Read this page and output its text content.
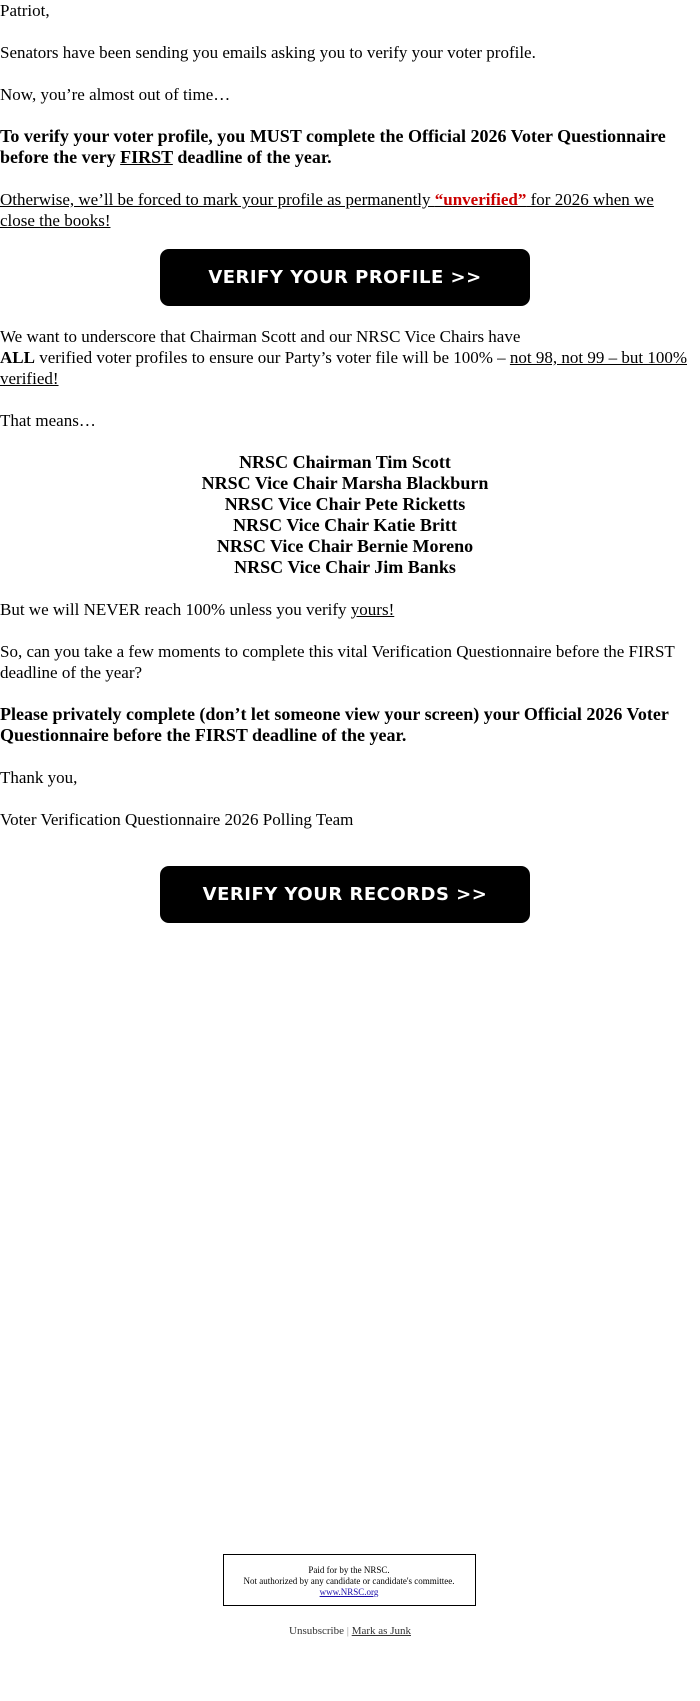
Patriot,

Senators have been sending you emails asking you to verify your voter profile.

Now, you’re almost out of time…

To verify your voter profile, you MUST complete the Official 2026 Voter Questionnaire before the very FIRST deadline of the year.

Otherwise, we’ll be forced to mark your profile as permanently “unverified” for 2026 when we close the books!

VERIFY YOUR PROFILE >>

We want to underscore that Chairman Scott and our NRSC Vice Chairs have
ALL verified voter profiles to ensure our Party’s voter file will be 100% – not 98, not 99 – but 100% verified!

That means…

NRSC Chairman Tim Scott
NRSC Vice Chair Marsha Blackburn
NRSC Vice Chair Pete Ricketts
NRSC Vice Chair Katie Britt
NRSC Vice Chair Bernie Moreno
NRSC Vice Chair Jim Banks

But we will NEVER reach 100% unless you verify yours!

So, can you take a few moments to complete this vital Verification Questionnaire before the FIRST deadline of the year?

Please privately complete (don’t let someone view your screen) your Official 2026 Voter Questionnaire before the FIRST deadline of the year.

Thank you,

Voter Verification Questionnaire 2026 Polling Team

VERIFY YOUR RECORDS >>
Paid for by the NRSC.
Not authorized by any candidate or candidate's committee.
www.NRSC.org
Unsubscribe | Mark as Junk
